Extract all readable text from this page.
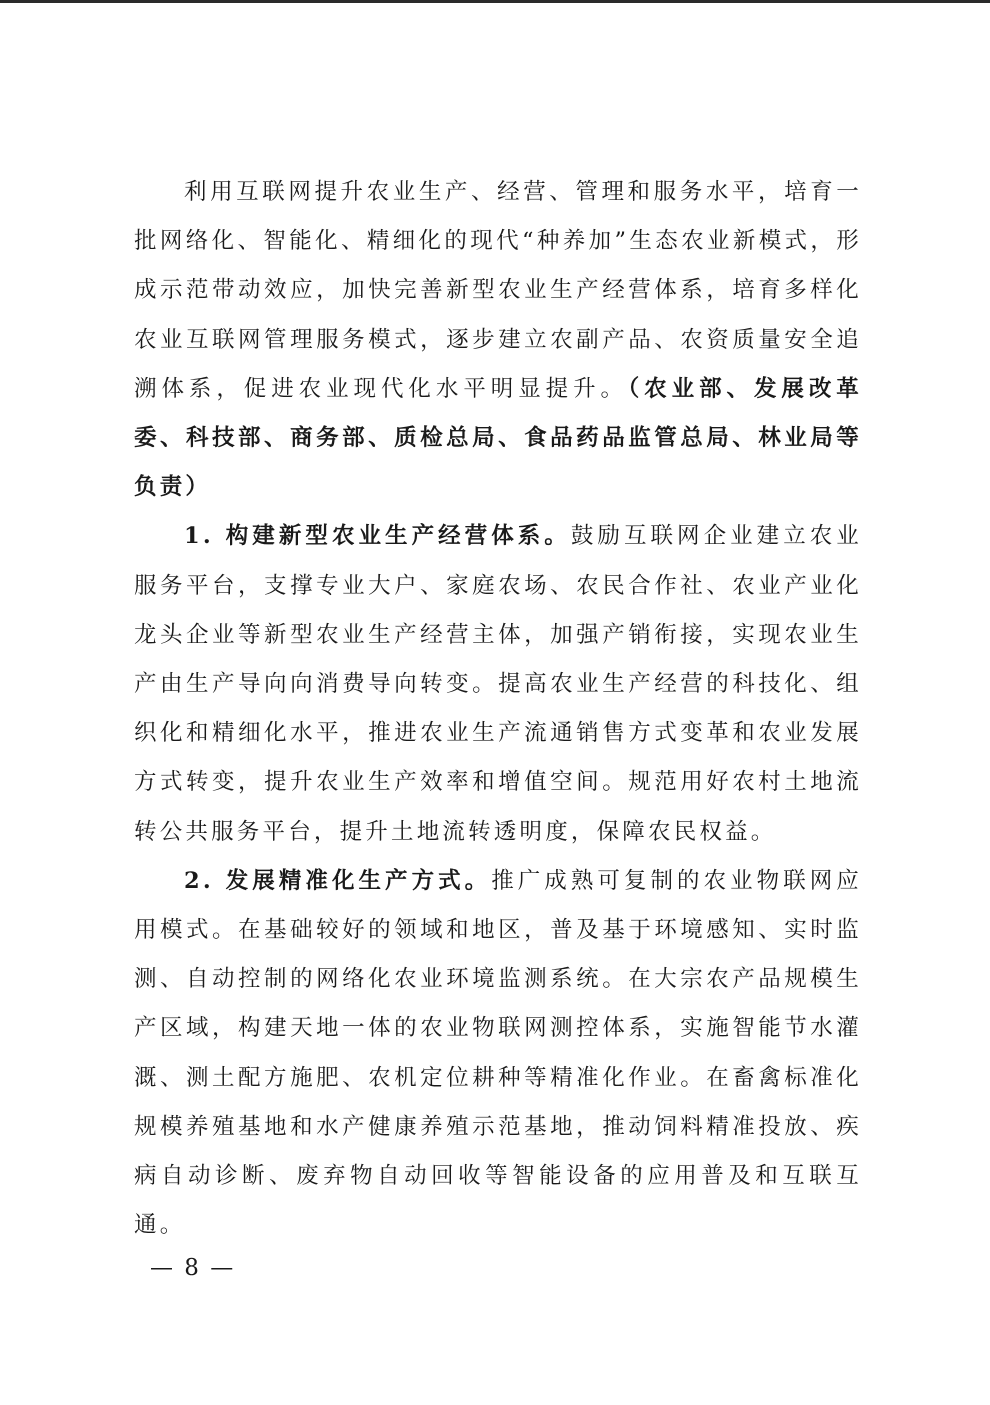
利用互联网提升农业生产、经营、管理和服务水平，培育一批网络化、智能化、精细化的现代“种养加”生态农业新模式，形成示范带动效应，加快完善新型农业生产经营体系，培育多样化农业互联网管理服务模式，逐步建立农副产品、农资质量安全追溯体系，促进农业现代化水平明显提升。（农业部、发展改革委、科技部、商务部、质检总局、食品药品监管总局、林业局等负责）

1. 构建新型农业生产经营体系。鼓励互联网企业建立农业服务平台，支撑专业大户、家庭农场、农民合作社、农业产业化龙头企业等新型农业生产经营主体，加强产销衔接，实现农业生产由生产导向向消费导向转变。提高农业生产经营的科技化、组织化和精细化水平，推进农业生产流通销售方式变革和农业发展方式转变，提升农业生产效率和增值空间。规范用好农村土地流转公共服务平台，提升土地流转透明度，保障农民权益。

2. 发展精准化生产方式。推广成熟可复制的农业物联网应用模式。在基础较好的领域和地区，普及基于环境感知、实时监测、自动控制的网络化农业环境监测系统。在大宗农产品规模生产区域，构建天地一体的农业物联网测控体系，实施智能节水灌溉、测土配方施肥、农机定位耕种等精准化作业。在畜禽标准化规模养殖基地和水产健康养殖示范基地，推动饲料精准投放、疾病自动诊断、废弃物自动回收等智能设备的应用普及和互联互通。

— 8 —
